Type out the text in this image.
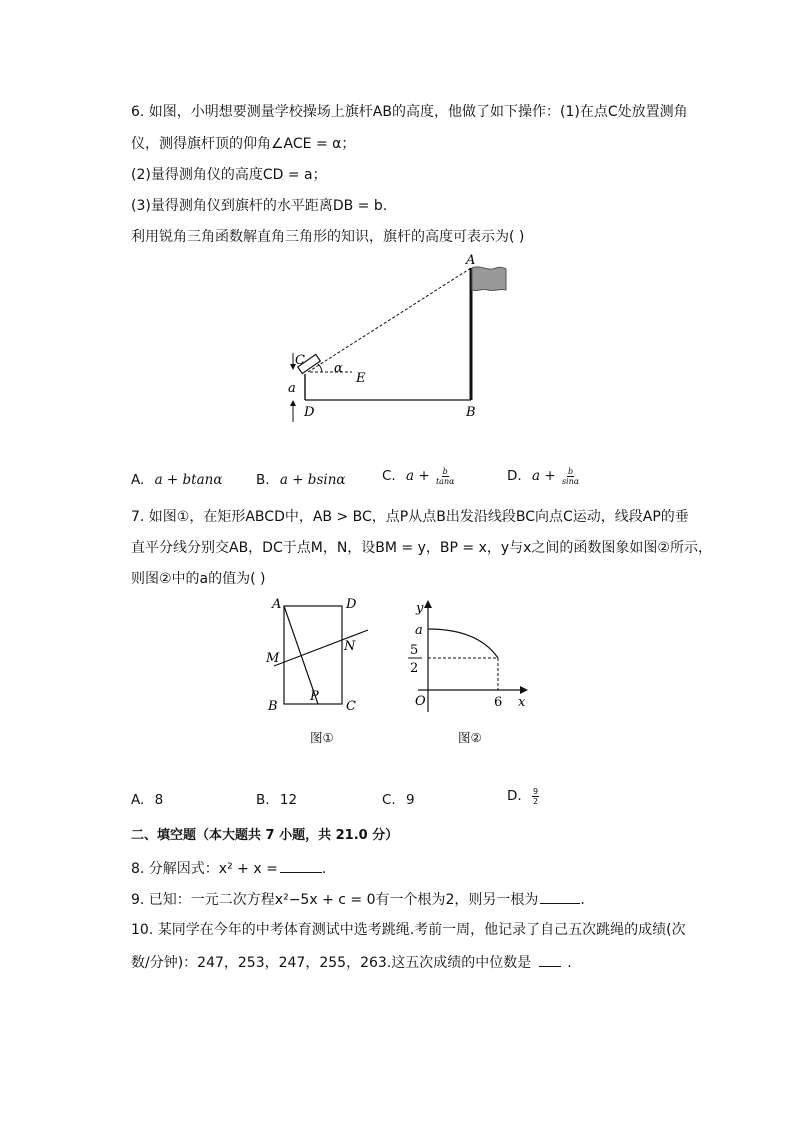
6. 如图，小明想要测量学校操场上旗杆AB的高度，他做了如下操作：(1)在点C处放置测角
仪，测得旗杆顶的仰角∠ACE = α；
(2)量得测角仪的高度CD = a；
(3)量得测角仪到旗杆的水平距离DB = b.
利用锐角三角函数解直角三角形的知识，旗杆的高度可表示为( )
A
B
C
D
E
α
a
A. a + btanα B. a + bsinα	C. $a + \frac{b}{\tan\alpha}$	D. $a + \frac{b}{\sin\alpha}$
7. 如图①，在矩形ABCD中，AB > BC，点P从点B出发沿线段BC向点C运动，线段AP的垂
直平分线分别交AB，DC于点M，N，设BM = y，BP = x，y与x之间的函数图象如图②所示，
则图②中的a的值为( )
A	D
B	C
M
N
P
图①
y
x
O
a
5
2
6
图②
A. 8	B. 12	C. 9	D. $\frac{9}{2}$
二、填空题（本大题共 7 小题，共 21.0 分）
8. 分解因式：x² + x =	.
9. 已知：一元二次方程x²−5x + c = 0有一个根为2，则另一根为	.
10. 某同学在今年的中考体育测试中选考跳绳.考前一周，他记录了自己五次跳绳的成绩(次
数/分钟)：247，253，247，255，263.这五次成绩的中位数是	.
